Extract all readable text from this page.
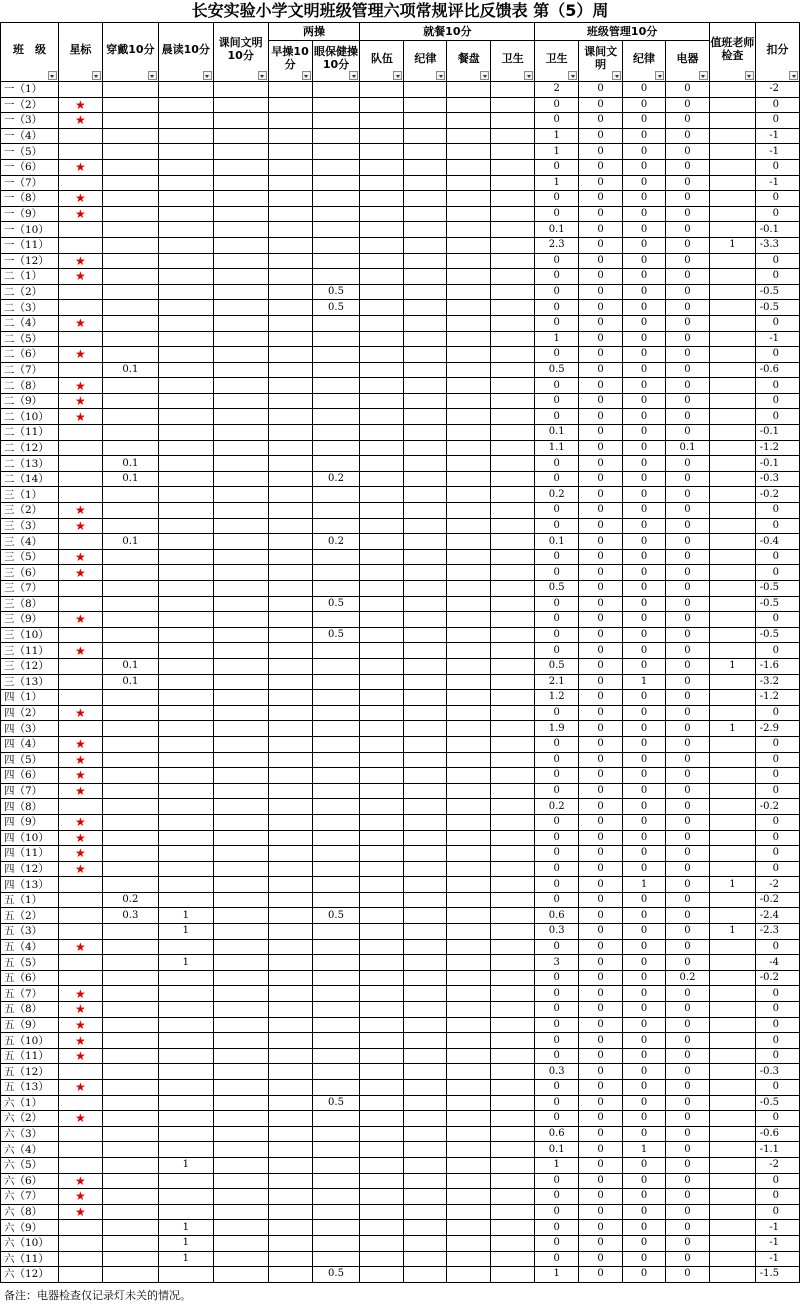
长安实验小学文明班级管理六项常规评比反馈表 第（5）周
班　级	星标	穿戴10分	晨读10分	课间文明10分	两操		就餐10分				班级管理10分				值班老师检查	扣分

					早操10分	眼保健操10分	队伍	纪律	餐盘	卫生	卫生	课间文明	纪律	电器		

一（1）											2	0	0	0		-2
一（2）	★										0	0	0	0		0
一（3）	★										0	0	0	0		0
一（4）											1	0	0	0		-1
一（5）											1	0	0	0		-1
一（6）	★										0	0	0	0		0
一（7）											1	0	0	0		-1
一（8）	★										0	0	0	0		0
一（9）	★										0	0	0	0		0
一（10）											0.1	0	0	0		-0.1
一（11）											2.3	0	0	0	1	-3.3
一（12）	★										0	0	0	0		0
二（1）	★										0	0	0	0		0
二（2）						0.5					0	0	0	0		-0.5
二（3）						0.5					0	0	0	0		-0.5
二（4）	★										0	0	0	0		0
二（5）											1	0	0	0		-1
二（6）	★										0	0	0	0		0
二（7）		0.1									0.5	0	0	0		-0.6
二（8）	★										0	0	0	0		0
二（9）	★										0	0	0	0		0
二（10）	★										0	0	0	0		0
二（11）											0.1	0	0	0		-0.1
二（12）											1.1	0	0	0.1		-1.2
二（13）		0.1									0	0	0	0		-0.1
二（14）		0.1				0.2					0	0	0	0		-0.3
三（1）											0.2	0	0	0		-0.2
三（2）	★										0	0	0	0		0
三（3）	★										0	0	0	0		0
三（4）		0.1				0.2					0.1	0	0	0		-0.4
三（5）	★										0	0	0	0		0
三（6）	★										0	0	0	0		0
三（7）											0.5	0	0	0		-0.5
三（8）						0.5					0	0	0	0		-0.5
三（9）	★										0	0	0	0		0
三（10）						0.5					0	0	0	0		-0.5
三（11）	★										0	0	0	0		0
三（12）		0.1									0.5	0	0	0	1	-1.6
三（13）		0.1									2.1	0	1	0		-3.2
四（1）											1.2	0	0	0		-1.2
四（2）	★										0	0	0	0		0
四（3）											1.9	0	0	0	1	-2.9
四（4）	★										0	0	0	0		0
四（5）	★										0	0	0	0		0
四（6）	★										0	0	0	0		0
四（7）	★										0	0	0	0		0
四（8）											0.2	0	0	0		-0.2
四（9）	★										0	0	0	0		0
四（10）	★										0	0	0	0		0
四（11）	★										0	0	0	0		0
四（12）	★										0	0	0	0		0
四（13）											0	0	1	0	1	-2
五（1）		0.2									0	0	0	0		-0.2
五（2）		0.3	1			0.5					0.6	0	0	0		-2.4
五（3）			1								0.3	0	0	0	1	-2.3
五（4）	★										0	0	0	0		0
五（5）			1								3	0	0	0		-4
五（6）											0	0	0	0.2		-0.2
五（7）	★										0	0	0	0		0
五（8）	★										0	0	0	0		0
五（9）	★										0	0	0	0		0
五（10）	★										0	0	0	0		0
五（11）	★										0	0	0	0		0
五（12）											0.3	0	0	0		-0.3
五（13）	★										0	0	0	0		0
六（1）						0.5					0	0	0	0		-0.5
六（2）	★										0	0	0	0		0
六（3）											0.6	0	0	0		-0.6
六（4）											0.1	0	1	0		-1.1
六（5）			1								1	0	0	0		-2
六（6）	★										0	0	0	0		0
六（7）	★										0	0	0	0		0
六（8）	★										0	0	0	0		0
六（9）			1								0	0	0	0		-1
六（10）			1								0	0	0	0		-1
六（11）			1								0	0	0	0		-1
六（12）						0.5					1	0	0	0		-1.5
备注：电器检查仅记录灯未关的情况。
